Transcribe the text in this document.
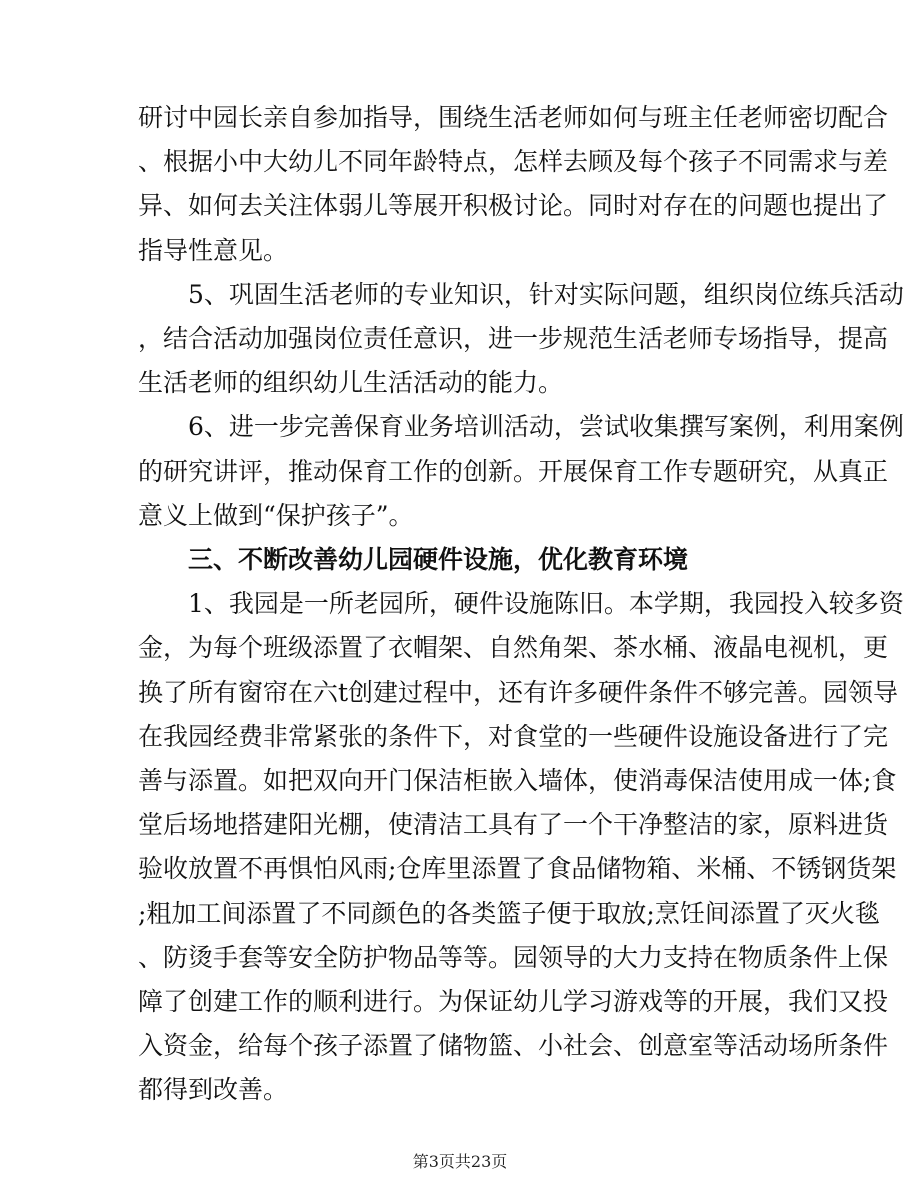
研讨中园长亲自参加指导，围绕生活老师如何与班主任老师密切配合
、根据小中大幼儿不同年龄特点，怎样去顾及每个孩子不同需求与差
异、如何去关注体弱儿等展开积极讨论。同时对存在的问题也提出了
指导性意见。
5、巩固生活老师的专业知识，针对实际问题，组织岗位练兵活动
，结合活动加强岗位责任意识，进一步规范生活老师专场指导，提高
生活老师的组织幼儿生活活动的能力。
6、进一步完善保育业务培训活动，尝试收集撰写案例，利用案例
的研究讲评，推动保育工作的创新。开展保育工作专题研究，从真正
意义上做到“保护孩子”。
三、不断改善幼儿园硬件设施，优化教育环境
1、我园是一所老园所，硬件设施陈旧。本学期，我园投入较多资
金，为每个班级添置了衣帽架、自然角架、茶水桶、液晶电视机，更
换了所有窗帘在六t创建过程中，还有许多硬件条件不够完善。园领导
在我园经费非常紧张的条件下，对食堂的一些硬件设施设备进行了完
善与添置。如把双向开门保洁柜嵌入墙体，使消毒保洁使用成一体;食
堂后场地搭建阳光棚，使清洁工具有了一个干净整洁的家，原料进货
验收放置不再惧怕风雨;仓库里添置了食品储物箱、米桶、不锈钢货架
;粗加工间添置了不同颜色的各类篮子便于取放;烹饪间添置了灭火毯
、防烫手套等安全防护物品等等。园领导的大力支持在物质条件上保
障了创建工作的顺利进行。为保证幼儿学习游戏等的开展，我们又投
入资金，给每个孩子添置了储物篮、小社会、创意室等活动场所条件
都得到改善。
第3页共23页
